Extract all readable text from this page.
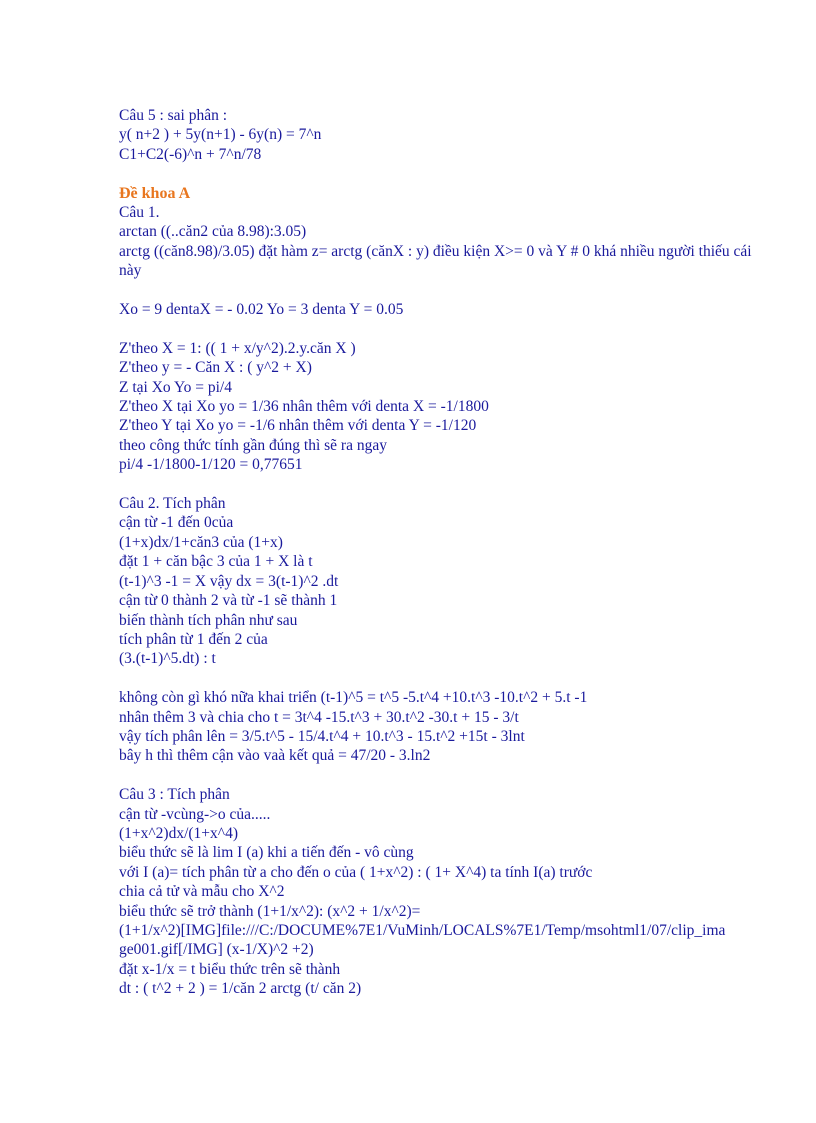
Câu 5 : sai phân :
y( n+2 ) + 5y(n+1) - 6y(n) = 7^n
C1+C2(-6)^n + 7^n/78
Đề khoa A
Câu 1.
arctan ((..căn2 của 8.98):3.05)
arctg ((căn8.98)/3.05) đặt hàm z= arctg (cănX : y) điều kiện X>= 0 và Y # 0 khá nhiều người thiếu cái này
Xo = 9 dentaX = - 0.02 Yo = 3 denta Y = 0.05
Z'theo X = 1: (( 1 + x/y^2).2.y.căn X )
Z'theo y = - Căn X : ( y^2 + X)
Z tại Xo Yo = pi/4
Z'theo X tại Xo yo = 1/36 nhân thêm với denta X = -1/1800
Z'theo Y tại Xo yo = -1/6 nhân thêm với denta Y = -1/120
theo công thức tính gần đúng thì sẽ ra ngay
pi/4 -1/1800-1/120 = 0,77651
Câu 2. Tích phân
cận từ -1 đến 0của
(1+x)dx/1+căn3 của (1+x)
đặt 1 + căn bậc 3 của 1 + X là t
(t-1)^3 -1 = X vậy dx = 3(t-1)^2 .dt
cận từ 0 thành 2 và từ -1 sẽ thành 1
biến thành tích phân như sau
tích phân từ 1 đến 2 của
(3.(t-1)^5.dt) : t
không còn gì khó nữa khai triển (t-1)^5 = t^5 -5.t^4 +10.t^3 -10.t^2 + 5.t -1
nhân thêm 3 và chia cho t = 3t^4 -15.t^3 + 30.t^2 -30.t + 15 - 3/t
vậy tích phân lên = 3/5.t^5 - 15/4.t^4 + 10.t^3 - 15.t^2 +15t - 3lnt
bây h thì thêm cận vào vaà kết quả = 47/20 - 3.ln2
Câu 3 : Tích phân
cận từ -vcùng->o của.....
(1+x^2)dx/(1+x^4)
biểu thức sẽ là lim I (a) khi a tiến đến - vô cùng
với I (a)= tích phân từ a cho đến o của ( 1+x^2) : ( 1+ X^4) ta tính I(a) trước
chia cả tử và mẫu cho X^2
biểu thức sẽ trở thành (1+1/x^2): (x^2 + 1/x^2)=
(1+1/x^2)[IMG]file:///C:/DOCUME%7E1/VuMinh/LOCALS%7E1/Temp/msohtml1/07/clip_ima
ge001.gif[/IMG] (x-1/X)^2 +2)
đặt x-1/x = t biểu thức trên sẽ thành
dt : ( t^2 + 2 ) = 1/căn 2 arctg (t/ căn 2)
